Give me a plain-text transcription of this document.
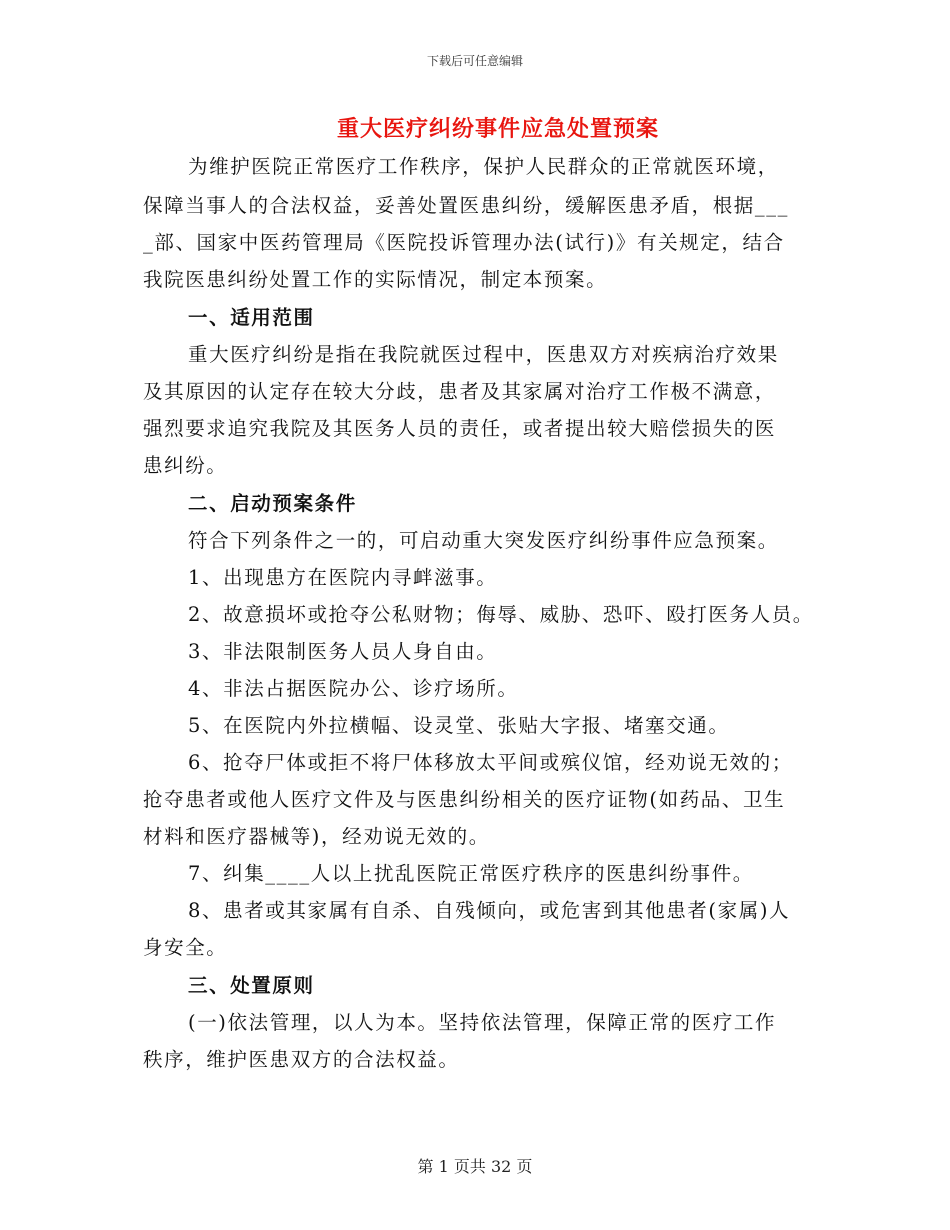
下载后可任意编辑
重大医疗纠纷事件应急处置预案
为维护医院正常医疗工作秩序，保护人民群众的正常就医环境，
保障当事人的合法权益，妥善处置医患纠纷，缓解医患矛盾，根据___
_部、国家中医药管理局《医院投诉管理办法(试行)》有关规定，结合
我院医患纠纷处置工作的实际情况，制定本预案。
一、适用范围
重大医疗纠纷是指在我院就医过程中，医患双方对疾病治疗效果
及其原因的认定存在较大分歧，患者及其家属对治疗工作极不满意，
强烈要求追究我院及其医务人员的责任，或者提出较大赔偿损失的医
患纠纷。
二、启动预案条件
符合下列条件之一的，可启动重大突发医疗纠纷事件应急预案。
1、出现患方在医院内寻衅滋事。
2、故意损坏或抢夺公私财物；侮辱、威胁、恐吓、殴打医务人员。
3、非法限制医务人员人身自由。
4、非法占据医院办公、诊疗场所。
5、在医院内外拉横幅、设灵堂、张贴大字报、堵塞交通。
6、抢夺尸体或拒不将尸体移放太平间或殡仪馆，经劝说无效的；
抢夺患者或他人医疗文件及与医患纠纷相关的医疗证物(如药品、卫生
材料和医疗器械等)，经劝说无效的。
7、纠集____人以上扰乱医院正常医疗秩序的医患纠纷事件。
8、患者或其家属有自杀、自残倾向，或危害到其他患者(家属)人
身安全。
三、处置原则
(一)依法管理，以人为本。坚持依法管理，保障正常的医疗工作
秩序，维护医患双方的合法权益。
第 1 页共 32 页
